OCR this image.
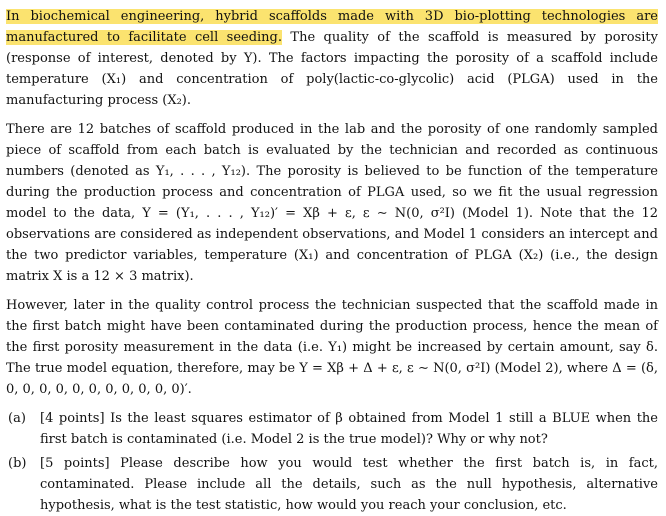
In biochemical engineering, hybrid scaffolds made with 3D bio-plotting technologies are manufactured to facilitate cell seeding. The quality of the scaffold is measured by porosity (response of interest, denoted by Y). The factors impacting the porosity of a scaffold include temperature (X₁) and concentration of poly(lactic-co-glycolic) acid (PLGA) used in the manufacturing process (X₂).

There are 12 batches of scaffold produced in the lab and the porosity of one randomly sampled piece of scaffold from each batch is evaluated by the technician and recorded as continuous numbers (denoted as Y₁, . . . , Y₁₂). The porosity is believed to be function of the temperature during the production process and concentration of PLGA used, so we fit the usual regression model to the data, Y = (Y₁, . . . , Y₁₂)′ = Xβ + ε, ε ∼ N(0, σ²I) (Model 1). Note that the 12 observations are considered as independent observations, and Model 1 considers an intercept and the two predictor variables, temperature (X₁) and concentration of PLGA (X₂) (i.e., the design matrix X is a 12 × 3 matrix).

However, later in the quality control process the technician suspected that the scaffold made in the first batch might have been contaminated during the production process, hence the mean of the first porosity measurement in the data (i.e. Y₁) might be increased by certain amount, say δ. The true model equation, therefore, may be Y = Xβ + Δ + ε, ε ∼ N(0, σ²I) (Model 2), where Δ = (δ, 0, 0, 0, 0, 0, 0, 0, 0, 0, 0, 0)′.

(a)	[4 points] Is the least squares estimator of β obtained from Model 1 still a BLUE when the first batch is contaminated (i.e. Model 2 is the true model)? Why or why not?
(b)	[5 points] Please describe how you would test whether the first batch is, in fact, contaminated. Please include all the details, such as the null hypothesis, alternative hypothesis, what is the test statistic, how would you reach your conclusion, etc.
